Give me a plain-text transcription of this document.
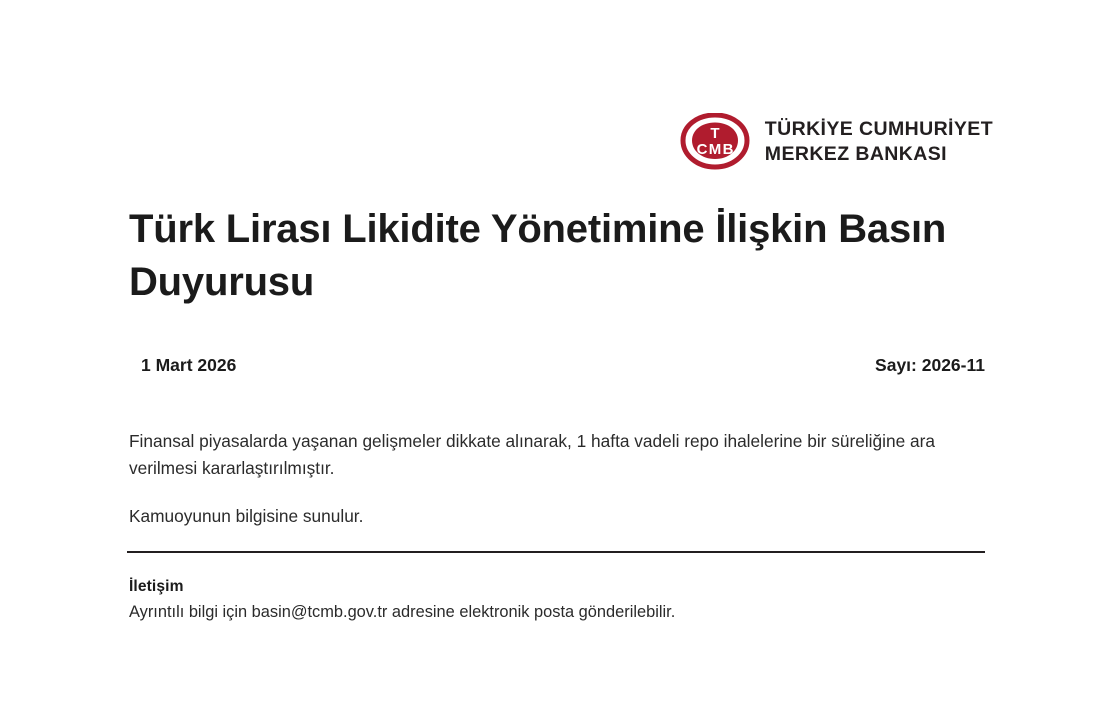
T
C M B
TÜRKİYE CUMHURİYET
MERKEZ BANKASI
Türk Lirası Likidite Yönetimine İlişkin Basın Duyurusu
1 Mart 2026	Sayı: 2026-11

Finansal piyasalarda yaşanan gelişmeler dikkate alınarak, 1 hafta vadeli repo ihalelerine bir süreliğine ara verilmesi kararlaştırılmıştır.

Kamuoyunun bilgisine sunulur.

İletişim

Ayrıntılı bilgi için basin@tcmb.gov.tr adresine elektronik posta gönderilebilir.
